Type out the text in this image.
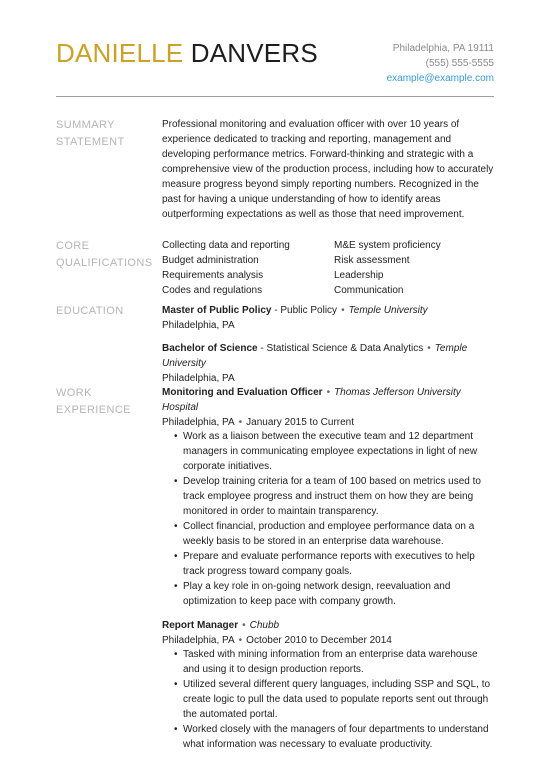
DANIELLE DANVERS	Philadelphia, PA 19111
(555) 555-5555
example@example.com
SUMMARY STATEMENT

Professional monitoring and evaluation officer with over 10 years of experience dedicated to tracking and reporting, management and developing performance metrics. Forward-thinking and strategic with a comprehensive view of the production process, including how to accurately measure progress beyond simply reporting numbers. Recognized in the past for having a unique understanding of how to identify areas outperforming expectations as well as those that need improvement.

CORE QUALIFICATIONS
Collecting data and reporting	M&E system proficiency
Budget administration	Risk assessment
Requirements analysis	Leadership
Codes and regulations	Communication
EDUCATION	Master of Public Policy - Public Policy • Temple University
Philadelphia, PA
Bachelor of Science - Statistical Science & Data Analytics • Temple University
Philadelphia, PA
WORK EXPERIENCE
Monitoring and Evaluation Officer • Thomas Jefferson University Hospital
Philadelphia, PA • January 2015 to Current
• Work as a liaison between the executive team and 12 department managers in communicating employee expectations in light of new corporate initiatives.
• Develop training criteria for a team of 100 based on metrics used to track employee progress and instruct them on how they are being monitored in order to maintain transparency.
• Collect financial, production and employee performance data on a weekly basis to be stored in an enterprise data warehouse.
• Prepare and evaluate performance reports with executives to help track progress toward company goals.
• Play a key role in on-going network design, reevaluation and optimization to keep pace with company growth.
Report Manager • Chubb
Philadelphia, PA • October 2010 to December 2014
• Tasked with mining information from an enterprise data warehouse and using it to design production reports.
• Utilized several different query languages, including SSP and SQL, to create logic to pull the data used to populate reports sent out through the automated portal.
• Worked closely with the managers of four departments to understand what information was necessary to evaluate productivity.
